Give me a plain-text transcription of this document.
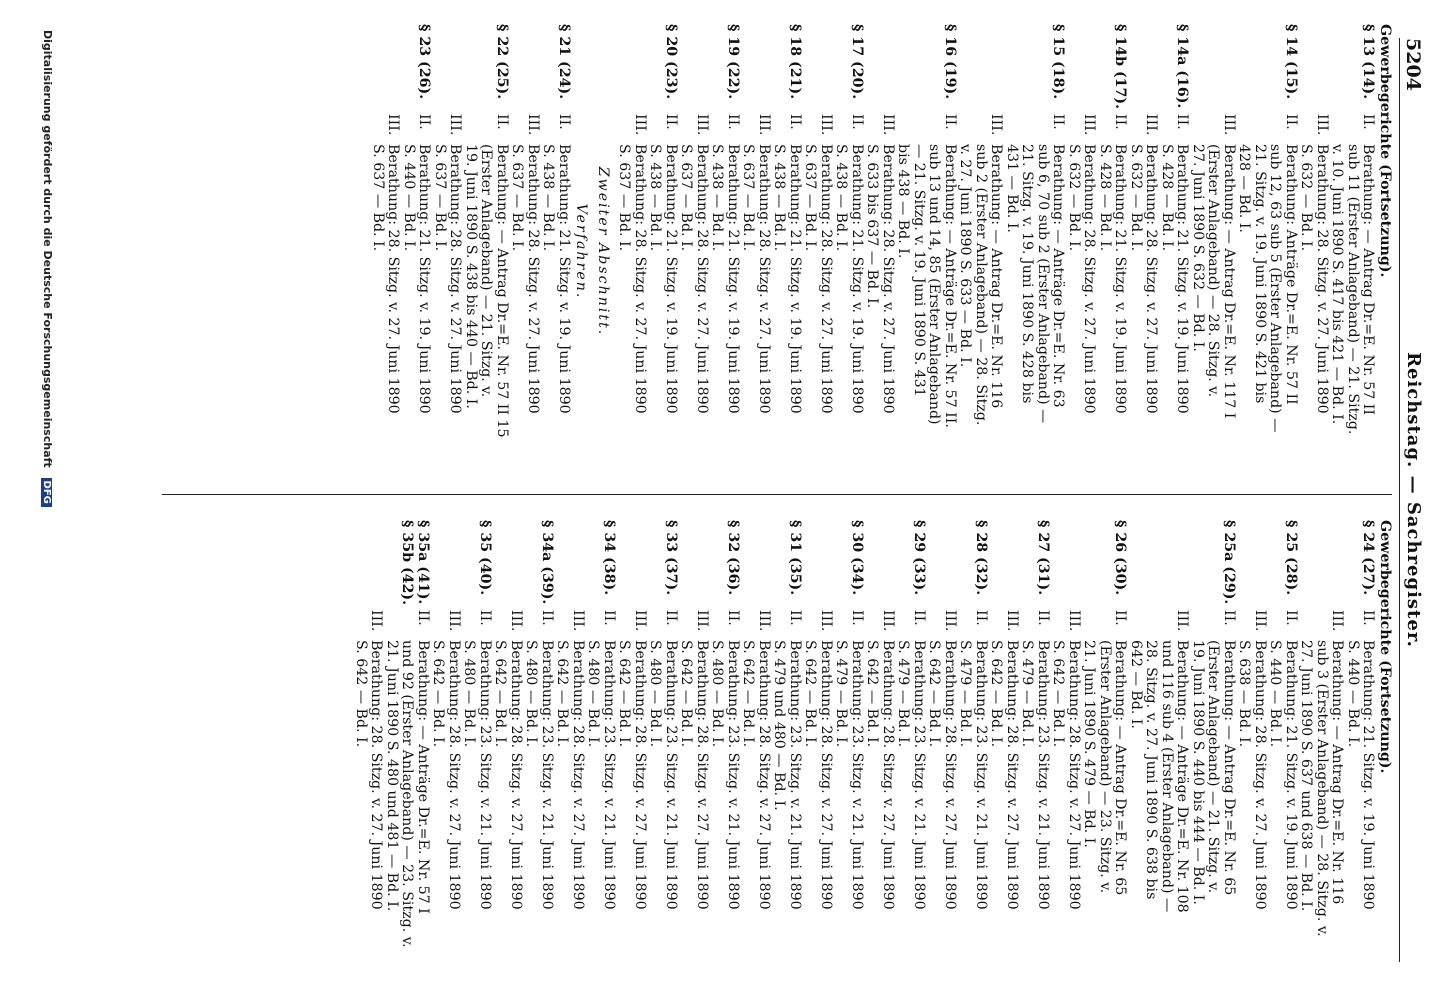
5204
Reichstag. — Sachregister.
Gewerbegerichte (Fortsetzung).
§ 13 (14).
II.
Berathung: — Antrag Dr.=E. Nr. 57 II
sub 11 (Erster Anlageband) — 21. Sitzg.
v. 10. Juni 1890 S. 417 bis 421 — Bd. I.
III.
Berathung: 28. Sitzg. v. 27. Juni 1890
S. 632 — Bd. I.
§ 14 (15).
II.
Berathung: Anträge Dr.=E. Nr. 57 II
sub 12, 63 sub 5 (Erster Anlageband) —
21. Sitzg. v. 19. Juni 1890 S. 421 bis
428 — Bd. I.
III.
Berathung: — Antrag Dr.=E. Nr. 117 I
(Erster Anlageband) — 28. Sitzg. v.
27. Juni 1890 S. 632 — Bd. I.
§ 14a (16).
II.
Berathung: 21. Sitzg. v. 19. Juni 1890
S. 428 — Bd. I.
III.
Berathung: 28. Sitzg. v. 27. Juni 1890
S. 632 — Bd. I.
§ 14b (17).
II.
Berathung: 21. Sitzg. v. 19. Juni 1890
S. 428 — Bd. I.
III.
Berathung: 28. Sitzg. v. 27. Juni 1890
S. 632 — Bd. I.
§ 15 (18).
II.
Berathung: — Anträge Dr.=E. Nr. 63
sub 6, 70 sub 2 (Erster Anlageband) —
21. Sitzg. v. 19. Juni 1890 S. 428 bis
431 — Bd. I.
III.
Berathung: — Antrag Dr.=E. Nr. 116
sub 2 (Erster Anlageband) — 28. Sitzg.
v. 27. Juni 1890 S. 633 — Bd. I.
§ 16 (19).
II.
Berathung: — Anträge Dr.=E. Nr. 57 II.
sub 13 und 14, 85 (Erster Anlageband)
— 21. Sitzg. v. 19. Juni 1890 S. 431
bis 438 — Bd. I.
III.
Berathung: 28. Sitzg. v. 27. Juni 1890
S. 633 bis 637 — Bd. I.
§ 17 (20).
II.
Berathung: 21. Sitzg. v. 19. Juni 1890
S. 438 — Bd. I.
III.
Berathung: 28. Sitzg. v. 27. Juni 1890
S. 637 — Bd. I.
§ 18 (21).
II.
Berathung: 21. Sitzg. v. 19. Juni 1890
S. 438 — Bd. I.
III.
Berathung: 28. Sitzg. v. 27. Juni 1890
S. 637 — Bd. I.
§ 19 (22).
II.
Berathung: 21. Sitzg. v. 19. Juni 1890
S. 438 — Bd. I.
III.
Berathung: 28. Sitzg. v. 27. Juni 1890
S. 637 — Bd. I.
§ 20 (23).
II.
Berathung: 21. Sitzg. v. 19. Juni 1890
S. 438 — Bd. I.
III.
Berathung: 28. Sitzg. v. 27. Juni 1890
S. 637 — Bd. I.
Zweiter Abschnitt.
Verfahren.
§ 21 (24).
II.
Berathung: 21. Sitzg. v. 19. Juni 1890
S. 438 — Bd. I.
III.
Berathung: 28. Sitzg. v. 27. Juni 1890
S. 637 — Bd. I.
§ 22 (25).
II.
Berathung: — Antrag Dr.=E. Nr. 57 II 15
(Erster Anlageband) — 21. Sitzg. v.
19. Juni 1890 S. 438 bis 440 — Bd. I.
III.
Berathung: 28. Sitzg. v. 27. Juni 1890
S. 637 — Bd. I.
§ 23 (26).
II.
Berathung: 21. Sitzg. v. 19. Juni 1890
S. 440 — Bd. I.
III.
Berathung: 28. Sitzg. v. 27. Juni 1890
S. 637 — Bd. I.
Gewerbegerichte (Fortsetzung).
§ 24 (27).
II.
Berathung: 21. Sitzg. v. 19. Juni 1890
S. 440 — Bd. I.
III.
Berathung: — Antrag Dr.=E. Nr. 116
sub 3 (Erster Anlageband) — 28. Sitzg. v.
27. Juni 1890 S. 637 und 638 — Bd. I.
§ 25 (28).
II.
Berathung: 21. Sitzg. v. 19. Juni 1890
S. 440 — Bd. I.
III.
Berathung: 28. Sitzg. v. 27. Juni 1890
S. 638 — Bd. I.
§ 25a (29).
II.
Berathung: — Antrag Dr.=E. Nr. 65
(Erster Anlageband) — 21. Sitzg. v.
19. Juni 1890 S. 440 bis 444 — Bd. I.
III.
Berathung: — Anträge Dr.=E. Nr. 108
und 116 sub 4 (Erster Anlageband) —
28. Sitzg. v. 27. Juni 1890 S. 638 bis
642 — Bd. I.
§ 26 (30).
II.
Berathung: — Antrag Dr.=E. Nr. 65
(Erster Anlageband) — 23. Sitzg. v.
21. Juni 1890 S. 479 — Bd. I.
III.
Berathung: 28. Sitzg. v. 27. Juni 1890
S. 642 — Bd. I.
§ 27 (31).
II.
Berathung: 23. Sitzg. v. 21. Juni 1890
S. 479 — Bd. I.
III.
Berathung: 28. Sitzg. v. 27. Juni 1890
S. 642 — Bd. I.
§ 28 (32).
II.
Berathung: 23. Sitzg. v. 21. Juni 1890
S. 479 — Bd. I.
III.
Berathung: 28. Sitzg. v. 27. Juni 1890
S. 642 — Bd. I.
§ 29 (33).
II.
Berathung: 23. Sitzg. v. 21. Juni 1890
S. 479 — Bd. I.
III.
Berathung: 28. Sitzg. v. 27. Juni 1890
S. 642 — Bd. I.
§ 30 (34).
II.
Berathung: 23. Sitzg. v. 21. Juni 1890
S. 479 — Bd. I.
III.
Berathung: 28. Sitzg. v. 27. Juni 1890
S. 642 — Bd. I.
§ 31 (35).
II.
Berathung: 23. Sitzg. v. 21. Juni 1890
S. 479 und 480 — Bd. I.
III.
Berathung: 28. Sitzg. v. 27. Juni 1890
S. 642 — Bd. I.
§ 32 (36).
II.
Berathung: 23. Sitzg. v. 21. Juni 1890
S. 480 — Bd. I.
III.
Berathung: 28. Sitzg. v. 27. Juni 1890
S. 642 — Bd. I.
§ 33 (37).
II.
Berathung: 23. Sitzg. v. 21. Juni 1890
S. 480 — Bd. I.
III.
Berathung: 28. Sitzg. v. 27. Juni 1890
S. 642 — Bd. I.
§ 34 (38).
II.
Berathung: 23. Sitzg. v. 21. Juni 1890
S. 480 — Bd. I.
III.
Berathung: 28. Sitzg. v. 27. Juni 1890
S. 642 — Bd. I.
§ 34a (39).
II.
Berathung: 23. Sitzg. v. 21. Juni 1890
S. 480 — Bd. I.
III.
Berathung: 28. Sitzg. v. 27. Juni 1890
S. 642 — Bd. I.
§ 35 (40).
II.
Berathung: 23. Sitzg. v. 21. Juni 1890
S. 480 — Bd. I.
III.
Berathung: 28. Sitzg. v. 27. Juni 1890
S. 642 — Bd. I.
§ 35a (41).
§ 35b (42).
II.
Berathung: — Anträge Dr.=E. Nr. 57 I
und 92 (Erster Anlageband) — 23. Sitzg. v.
21. Juni 1890 S. 480 und 481 — Bd. I.
III.
Berathung: 28. Sitzg. v. 27. Juni 1890
S. 642 — Bd. I.
Digitalisierung gefördert durch die Deutsche Forschungsgemeinschaft DFG
